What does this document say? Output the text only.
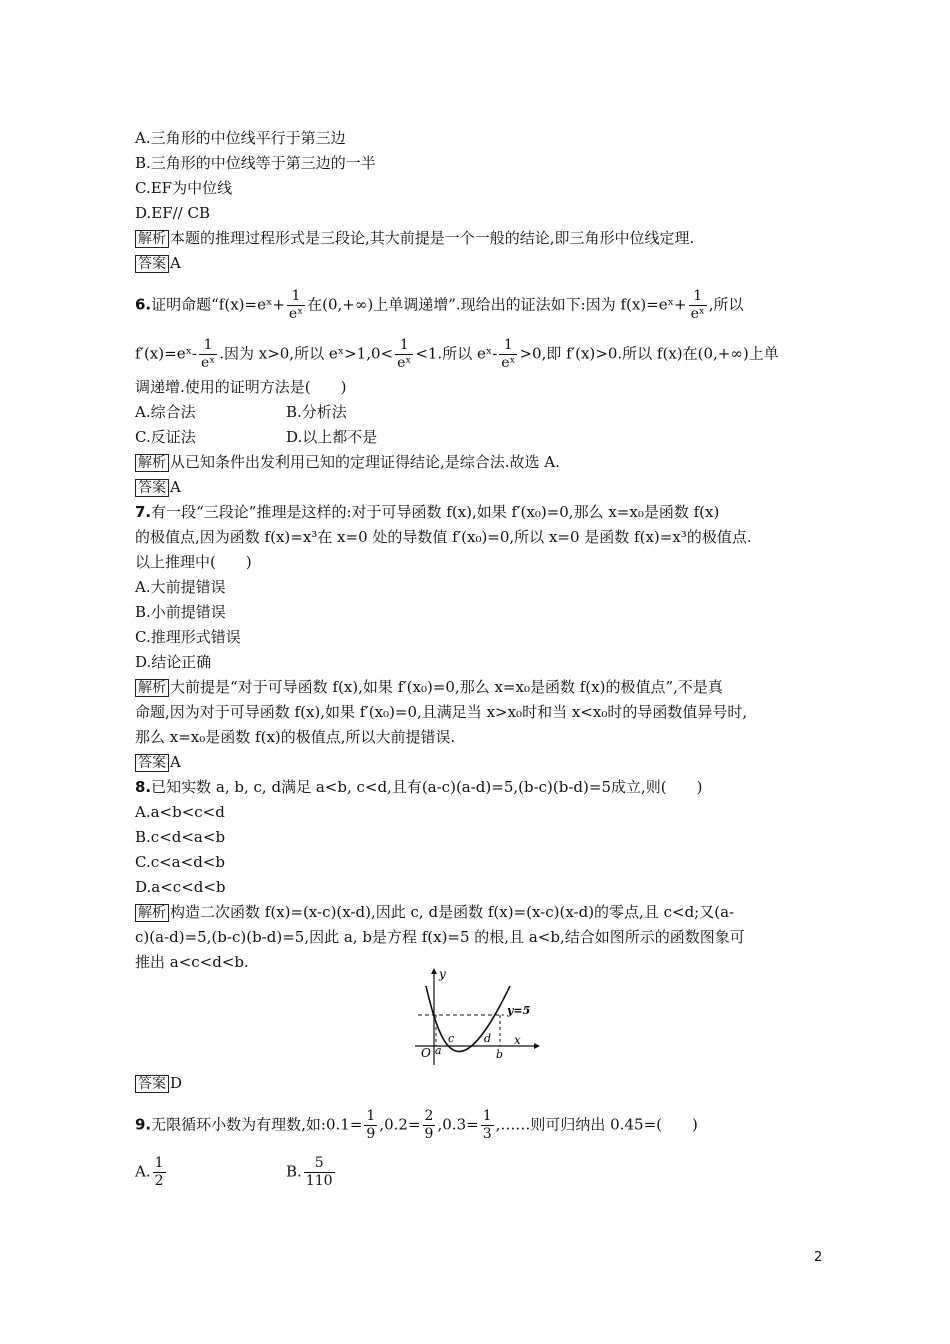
A.三角形的中位线平行于第三边
B.三角形的中位线等于第三边的一半
C.EF为中位线
D.EF// CB
解析 本题的推理过程形式是三段论,其大前提是一个一般的结论,即三角形中位线定理.
答案 A
6.证明命题“f(x)=eˣ+ $\frac{1}{\text{eˣ}}$ 在(0,+∞)上单调递增”.现给出的证法如下:因为 f(x)=eˣ+ $\frac{1}{\text{eˣ}}$ ,所以
f′(x)=eˣ- $\frac{1}{\text{eˣ}}$ .因为 x>0,所以 eˣ>1,0< $\frac{1}{\text{eˣ}} <1$.所以 eˣ- $\frac{1}{\text{eˣ}} >0$,即 f′(x)>0.所以 f(x)在(0,+∞)上单
调递增.使用的证明方法是(　　)
A.综合法	B.分析法
C.反证法	D.以上都不是
解析 从已知条件出发利用已知的定理证得结论,是综合法.故选 A.
答案 A
7.有一段“三段论”推理是这样的:对于可导函数 f(x),如果 f′(x₀)=0,那么 x=x₀是函数 f(x)
的极值点,因为函数 f(x)=x³在 x=0 处的导数值 f′(x₀)=0,所以 x=0 是函数 f(x)=x³的极值点.
以上推理中(　　)
A.大前提错误
B.小前提错误
C.推理形式错误
D.结论正确
解析 大前提是“对于可导函数 f(x),如果 f′(x₀)=0,那么 x=x₀是函数 f(x)的极值点”,不是真
命题,因为对于可导函数 f(x),如果 f′(x₀)=0,且满足当 x>x₀时和当 x<x₀时的导函数值异号时,
那么 x=x₀是函数 f(x)的极值点,所以大前提错误.
答案 A
8.已知实数 a, b, c, d满足 a<b, c<d,且有(a-c)(a-d)=5,(b-c)(b-d)=5成立,则(　　)
A.a<b<c<d
B.c<d<a<b
C.c<a<d<b
D.a<c<d<b
解析 构造二次函数 f(x)=(x-c)(x-d),因此 c, d是函数 f(x)=(x-c)(x-d)的零点,且 c<d;又(a-
c)(a-d)=5,(b-c)(b-d)=5,因此 a, b是方程 f(x)=5 的根,且 a<b,结合如图所示的函数图象可
推出 a<c<d<b.
y
x
y=5
O a
c	d
b
答案 D
9.无限循环小数为有理数,如:0.1= $\frac{1}{9} ,0.2= \frac{2}{9} ,0.3= \frac{1}{3}$ ,……则可归纳出 0.45=(　　)
A. $\frac{1}{2}$	B. $\frac{5}{110}$
2
